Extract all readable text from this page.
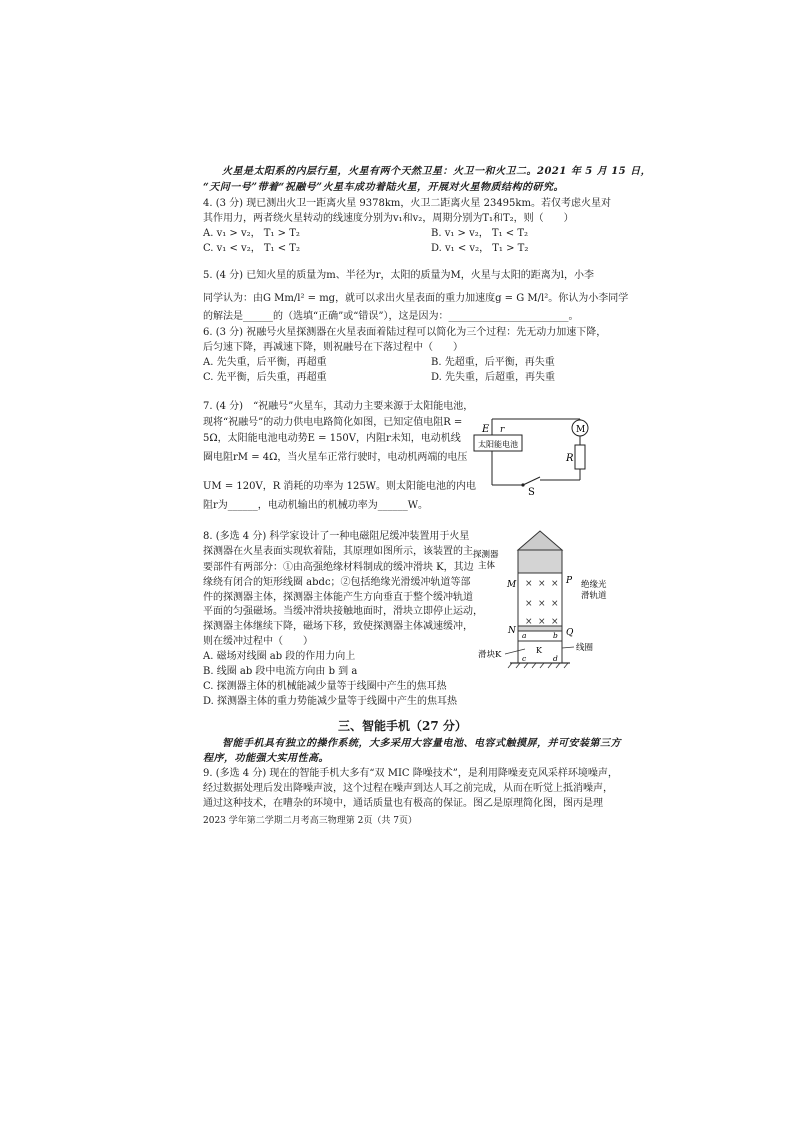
火星是太阳系的内层行星，火星有两个天然卫星：火卫一和火卫二。2021 年 5 月 15 日，
“天问一号”带着“祝融号”火星车成功着陆火星，开展对火星物质结构的研究。
4. (3 分) 现已测出火卫一距离火星 9378km，火卫二距离火星 23495km。若仅考虑火星对
其作用力，两者绕火星转动的线速度分别为v₁和v₂，周期分别为T₁和T₂，则（　　）
A. v₁ > v₂， T₁ > T₂	B. v₁ > v₂， T₁ < T₂
C. v₁ < v₂， T₁ < T₂	D. v₁ < v₂， T₁ > T₂
5. (4 分) 已知火星的质量为m、半径为r，太阳的质量为M，火星与太阳的距离为l，小李
同学认为：由G Mm/l² = mg，就可以求出火星表面的重力加速度g = G M/l²。你认为小李同学
的解法是______的（选填“正确”或“错误”），这是因为：________________________。
6. (3 分) 祝融号火星探测器在火星表面着陆过程可以简化为三个过程：先无动力加速下降，
后匀速下降，再减速下降，则祝融号在下落过程中（　　）
A. 先失重，后平衡，再超重	B. 先超重，后平衡，再失重
C. 先平衡，后失重，再超重	D. 先失重，后超重，再失重
7. (4 分)　“祝融号”火星车，其动力主要来源于太阳能电池，
现将“祝融号”的动力供电电路简化如图，已知定值电阻R =
5Ω，太阳能电池电动势E = 150V，内阻r未知，电动机线
圈电阻rM = 4Ω，当火星车正常行驶时，电动机两端的电压
UM = 120V，R 消耗的功率为 125W。则太阳能电池的内电
阻r为______，电动机输出的机械功率为______W。
太阳能电池
E r	M
R
S
8. (多选 4 分) 科学家设计了一种电磁阻尼缓冲装置用于火星
探测器在火星表面实现软着陆，其原理如图所示，该装置的主
要部件有两部分：①由高强绝缘材料制成的缓冲滑块 K，其边
缘绕有闭合的矩形线圈 abdc；②包括绝缘光滑缓冲轨道等部
件的探测器主体，探测器主体能产生方向垂直于整个缓冲轨道
平面的匀强磁场。当缓冲滑块接触地面时，滑块立即停止运动，
探测器主体继续下降，磁场下移，致使探测器主体减速缓冲，
则在缓冲过程中（　　）
A. 磁场对线圈 ab 段的作用力向上
B. 线圈 ab 段中电流方向由 b 到 a
C. 探测器主体的机械能减少量等于线圈中产生的焦耳热
D. 探测器主体的重力势能减少量等于线圈中产生的焦耳热
× × ×
× × ×
× × ×
探测器
主体
M	P
N	Q
a	b
c	d
K
绝缘光
滑轨道
线圈
滑块K
三、智能手机（27 分）
智能手机具有独立的操作系统，大多采用大容量电池、电容式触摸屏，并可安装第三方
程序，功能强大实用性高。
9. (多选 4 分) 现在的智能手机大多有“双 MIC 降噪技术”，是利用降噪麦克风采样环境噪声，
经过数据处理后发出降噪声波，这个过程在噪声到达人耳之前完成，从而在听觉上抵消噪声，
通过这种技术，在嘈杂的环境中，通话质量也有极高的保证。图乙是原理简化图，图丙是理
2023 学年第二学期二月考高三物理第 2页（共 7页）
